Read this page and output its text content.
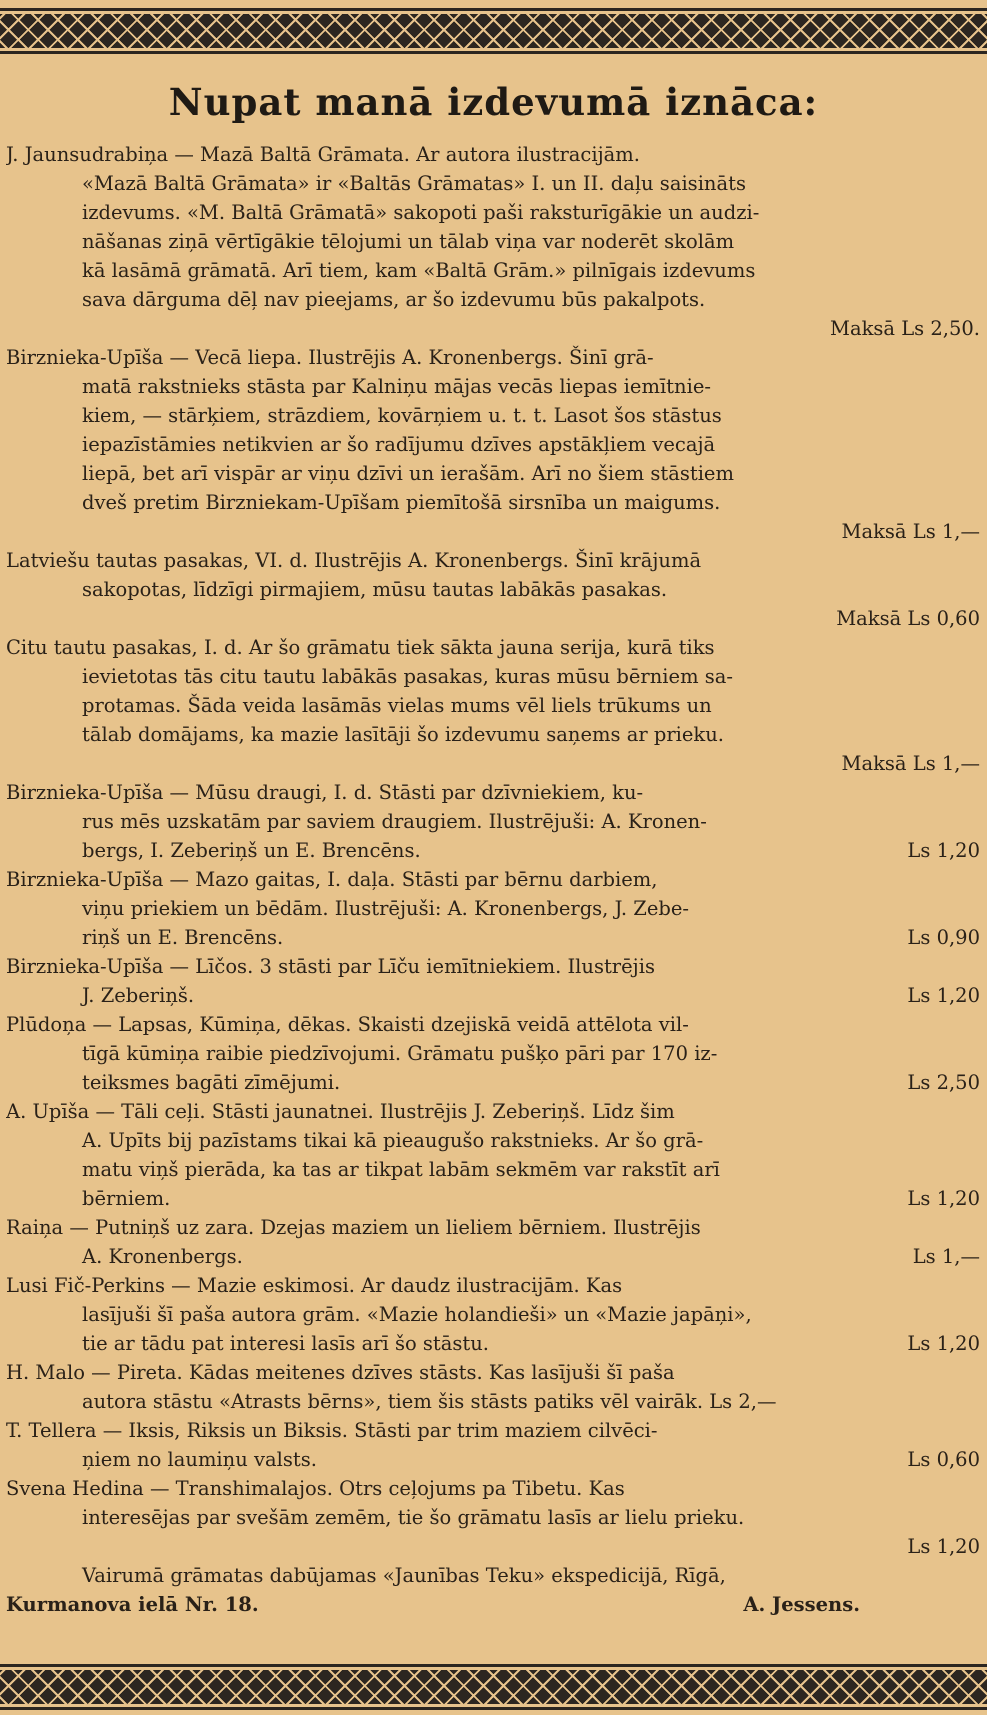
Nupat manā izdevumā iznāca:
J. Jaunsudrabiņa — Mazā Baltā Grāmata. Ar autora ilustracijām.
«Mazā Baltā Grāmata» ir «Baltās Grāmatas» I. un II. daļu saisināts
izdevums. «M. Baltā Grāmatā» sakopoti paši raksturīgākie un audzi-
nāšanas ziņā vērtīgākie tēlojumi un tālab viņa var noderēt skolām
kā lasāmā grāmatā. Arī tiem, kam «Baltā Grām.» pilnīgais izdevums
sava dārguma dēļ nav pieejams, ar šo izdevumu būs pakalpots.
Maksā Ls 2,50.
Birznieka-Upīša — Vecā liepa. Ilustrējis A. Kronenbergs. Šinī grā-
matā rakstnieks stāsta par Kalniņu mājas vecās liepas iemītnie-
kiem, — stārķiem, strāzdiem, kovārņiem u. t. t. Lasot šos stāstus
iepazīstāmies netikvien ar šo radījumu dzīves apstākļiem vecajā
liepā, bet arī vispār ar viņu dzīvi un ierašām. Arī no šiem stāstiem
dveš pretim Birzniekam-Upīšam piemītošā sirsnība un maigums.
Maksā Ls 1,—
Latviešu tautas pasakas, VI. d. Ilustrējis A. Kronenbergs. Šinī krājumā
sakopotas, līdzīgi pirmajiem, mūsu tautas labākās pasakas.
Maksā Ls 0,60
Citu tautu pasakas, I. d. Ar šo grāmatu tiek sākta jauna serija, kurā tiks
ievietotas tās citu tautu labākās pasakas, kuras mūsu bērniem sa-
protamas. Šāda veida lasāmās vielas mums vēl liels trūkums un
tālab domājams, ka mazie lasītāji šo izdevumu saņems ar prieku.
Maksā Ls 1,—
Birznieka-Upīša — Mūsu draugi, I. d. Stāsti par dzīvniekiem, ku-
rus mēs uzskatām par saviem draugiem. Ilustrējuši: A. Kronen-
bergs, I. Zeberiņš un E. Brencēns.	Ls 1,20
Birznieka-Upīša — Mazo gaitas, I. daļa. Stāsti par bērnu darbiem,
viņu priekiem un bēdām. Ilustrējuši: A. Kronenbergs, J. Zebe-
riņš un E. Brencēns.	Ls 0,90
Birznieka-Upīša — Līčos. 3 stāsti par Līču iemītniekiem. Ilustrējis
J. Zeberiņš.	Ls 1,20
Plūdoņa — Lapsas, Kūmiņa, dēkas. Skaisti dzejiskā veidā attēlota vil-
tīgā kūmiņa raibie piedzīvojumi. Grāmatu pušķo pāri par 170 iz-
teiksmes bagāti zīmējumi.	Ls 2,50
A. Upīša — Tāli ceļi. Stāsti jaunatnei. Ilustrējis J. Zeberiņš. Līdz šim
A. Upīts bij pazīstams tikai kā pieaugušo rakstnieks. Ar šo grā-
matu viņš pierāda, ka tas ar tikpat labām sekmēm var rakstīt arī
bērniem.	Ls 1,20
Raiņa — Putniņš uz zara. Dzejas maziem un lieliem bērniem. Ilustrējis
A. Kronenbergs.	Ls 1,—
Lusi Fič-Perkins — Mazie eskimosi. Ar daudz ilustracijām. Kas
lasījuši šī paša autora grām. «Mazie holandieši» un «Mazie japāņi»,
tie ar tādu pat interesi lasīs arī šo stāstu.	Ls 1,20
H. Malo — Pireta. Kādas meitenes dzīves stāsts. Kas lasījuši šī paša
autora stāstu «Atrasts bērns», tiem šis stāsts patiks vēl vairāk. Ls 2,—
T. Tellera — Iksis, Riksis un Biksis. Stāsti par trim maziem cilvēci-
ņiem no laumiņu valsts.	Ls 0,60
Svena Hedina — Transhimalajos. Otrs ceļojums pa Tibetu. Kas
interesējas par svešām zemēm, tie šo grāmatu lasīs ar lielu prieku.
Ls 1,20
Vairumā grāmatas dabūjamas «Jaunības Teku» ekspedicijā, Rīgā,
Kurmanova ielā Nr. 18.	A. Jessens.
